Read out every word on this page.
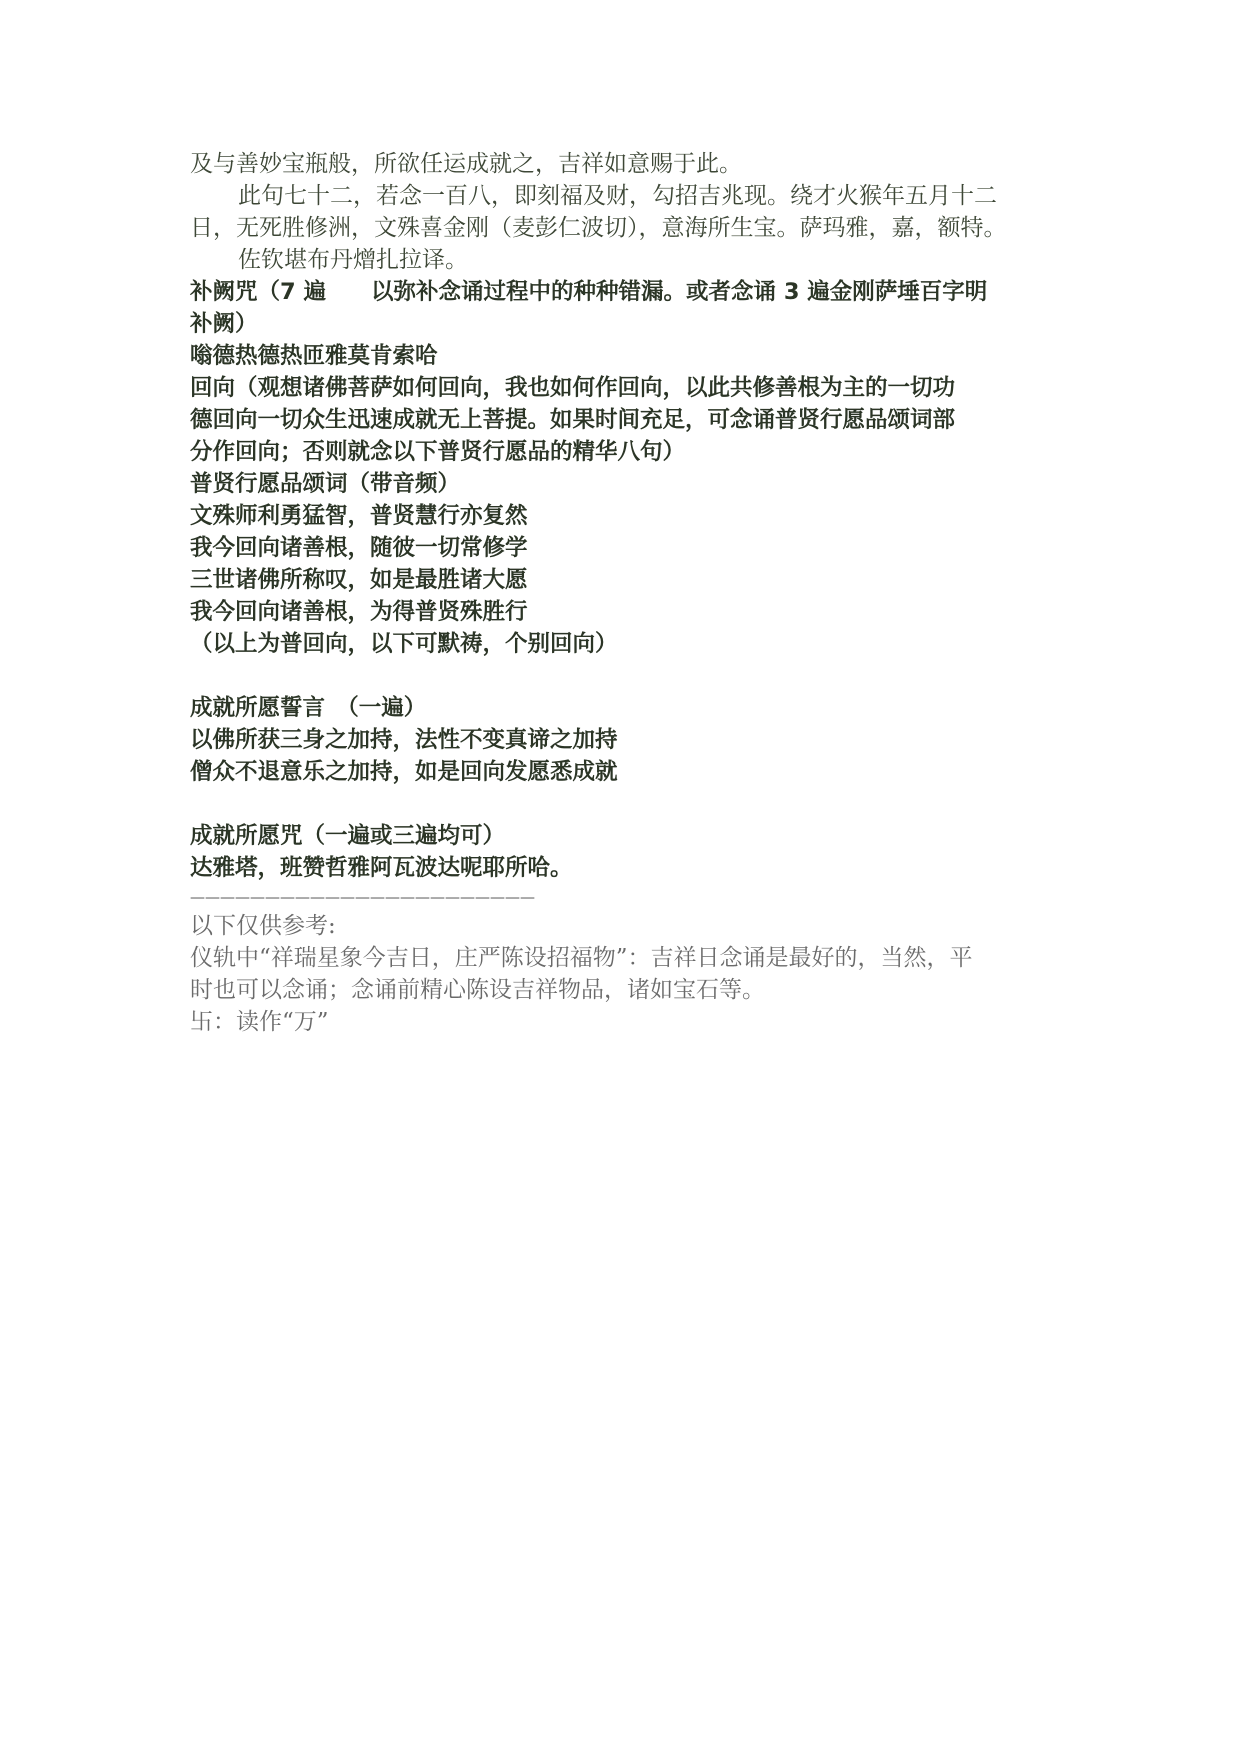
及与善妙宝瓶般，所欲任运成就之，吉祥如意赐于此。

此句七十二，若念一百八，即刻福及财，勾招吉兆现。绕才火猴年五月十二

日，无死胜修洲，文殊喜金刚（麦彭仁波切），意海所生宝。萨玛雅，嘉，额特。

佐钦堪布丹熷扎拉译。

补阙咒（7 遍　　以弥补念诵过程中的种种错漏。或者念诵 3 遍金刚萨埵百字明

补阙）

嗡德热德热匝雅莫肯索哈

回向（观想诸佛菩萨如何回向，我也如何作回向，以此共修善根为主的一切功

德回向一切众生迅速成就无上菩提。如果时间充足，可念诵普贤行愿品颂词部

分作回向；否则就念以下普贤行愿品的精华八句）

普贤行愿品颂词（带音频）

文殊师利勇猛智，普贤慧行亦复然

我今回向诸善根，随彼一切常修学

三世诸佛所称叹，如是最胜诸大愿

我今回向诸善根，为得普贤殊胜行

（以上为普回向，以下可默祷，个别回向）

成就所愿誓言　（一遍）

以佛所获三身之加持，法性不变真谛之加持

僧众不退意乐之加持，如是回向发愿悉成就

成就所愿咒（一遍或三遍均可）

达雅塔，班赞哲雅阿瓦波达呢耶所哈。

———————————————————————

以下仅供参考:

仪轨中“祥瑞星象今吉日，庄严陈设招福物”：吉祥日念诵是最好的，当然，平

时也可以念诵；念诵前精心陈设吉祥物品，诸如宝石等。

卐：读作“万”
